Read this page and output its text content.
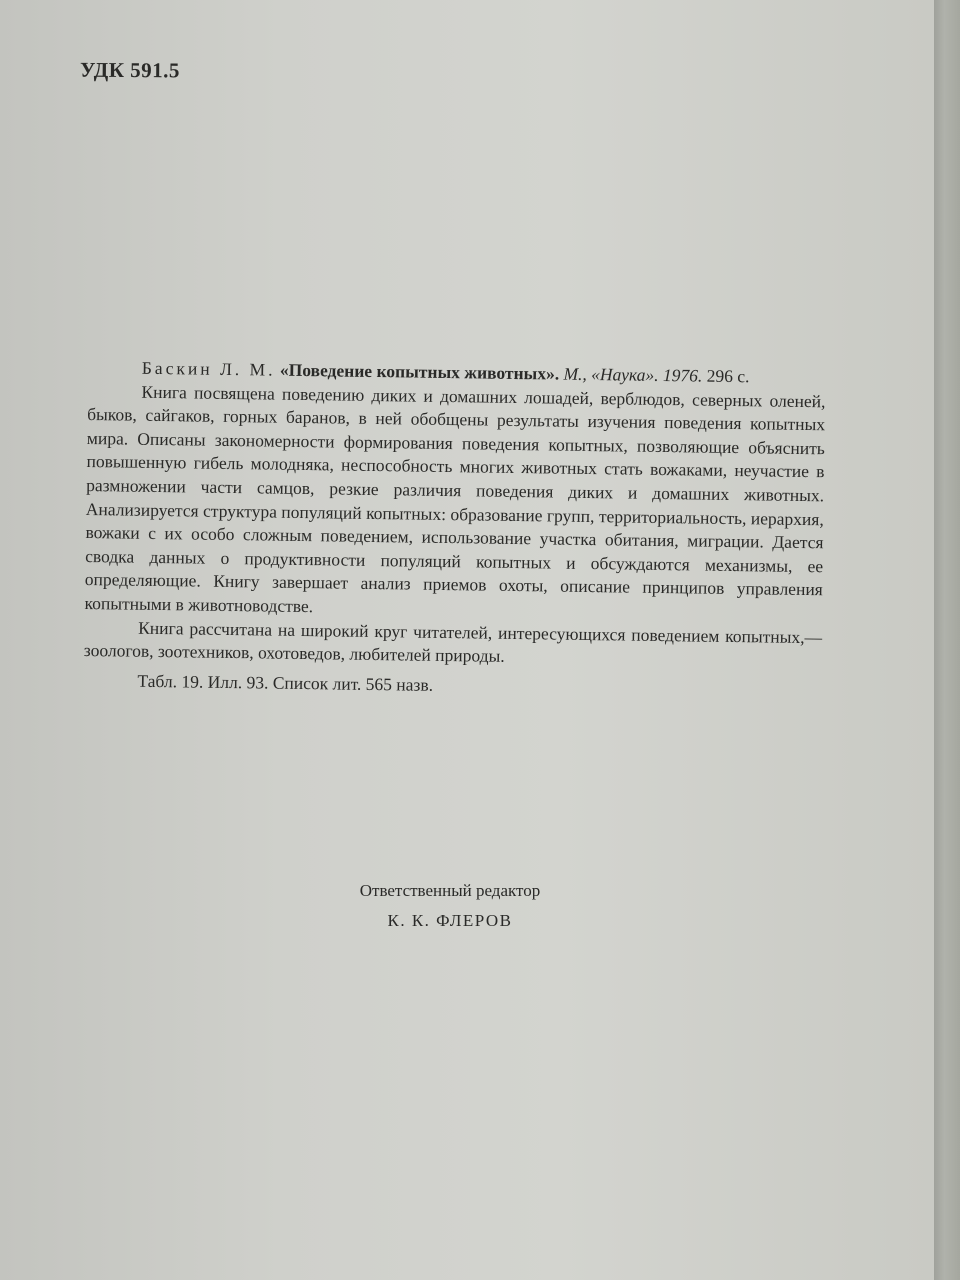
УДК 591.5

Баскин Л. М. «Поведение копытных животных». М., «Наука». 1976. 296 с.

Книга посвящена поведению диких и домашних лошадей, верблюдов, северных оленей, быков, сайгаков, горных баранов, в ней обобщены результаты изучения поведения копытных мира. Описаны закономерности формирования поведения копытных, позволяющие объяснить повышенную гибель молодняка, неспособность многих животных стать вожаками, неучастие в размножении части самцов, резкие различия поведения диких и домашних животных. Анализируется структура популяций копытных: образование групп, территориальность, иерархия, вожаки с их особо сложным поведением, использование участка обитания, миграции. Дается сводка данных о продуктивности популяций копытных и обсуждаются механизмы, ее определяющие. Книгу завершает анализ приемов охоты, описание принципов управления копытными в животноводстве.

Книга рассчитана на широкий круг читателей, интересующихся поведением копытных,— зоологов, зоотехников, охотоведов, любителей природы.

Табл. 19. Илл. 93. Список лит. 565 назв.

Ответственный редактор
К. К. ФЛЕРОВ
